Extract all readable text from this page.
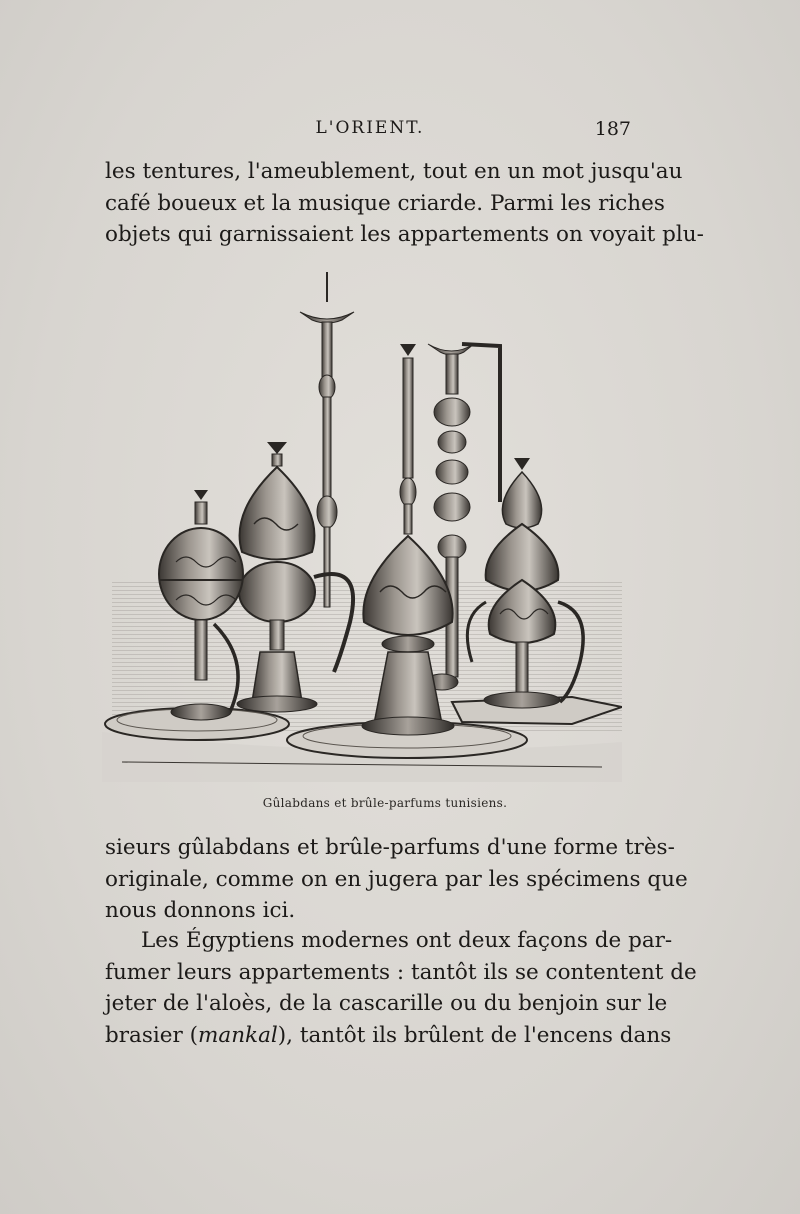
L'ORIENT.	187
les tentures, l'ameublement, tout en un mot jusqu'au
café boueux et la musique criarde. Parmi les riches
objets qui garnissaient les appartements on voyait plu-
Gûlabdans et brûle-parfums tunisiens.
sieurs gûlabdans et brûle-parfums d'une forme très-
originale, comme on en jugera par les spécimens que
nous donnons ici.
Les Égyptiens modernes ont deux façons de par-
fumer leurs appartements : tantôt ils se contentent de
jeter de l'aloès, de la cascarille ou du benjoin sur le
brasier (mankal), tantôt ils brûlent de l'encens dans
